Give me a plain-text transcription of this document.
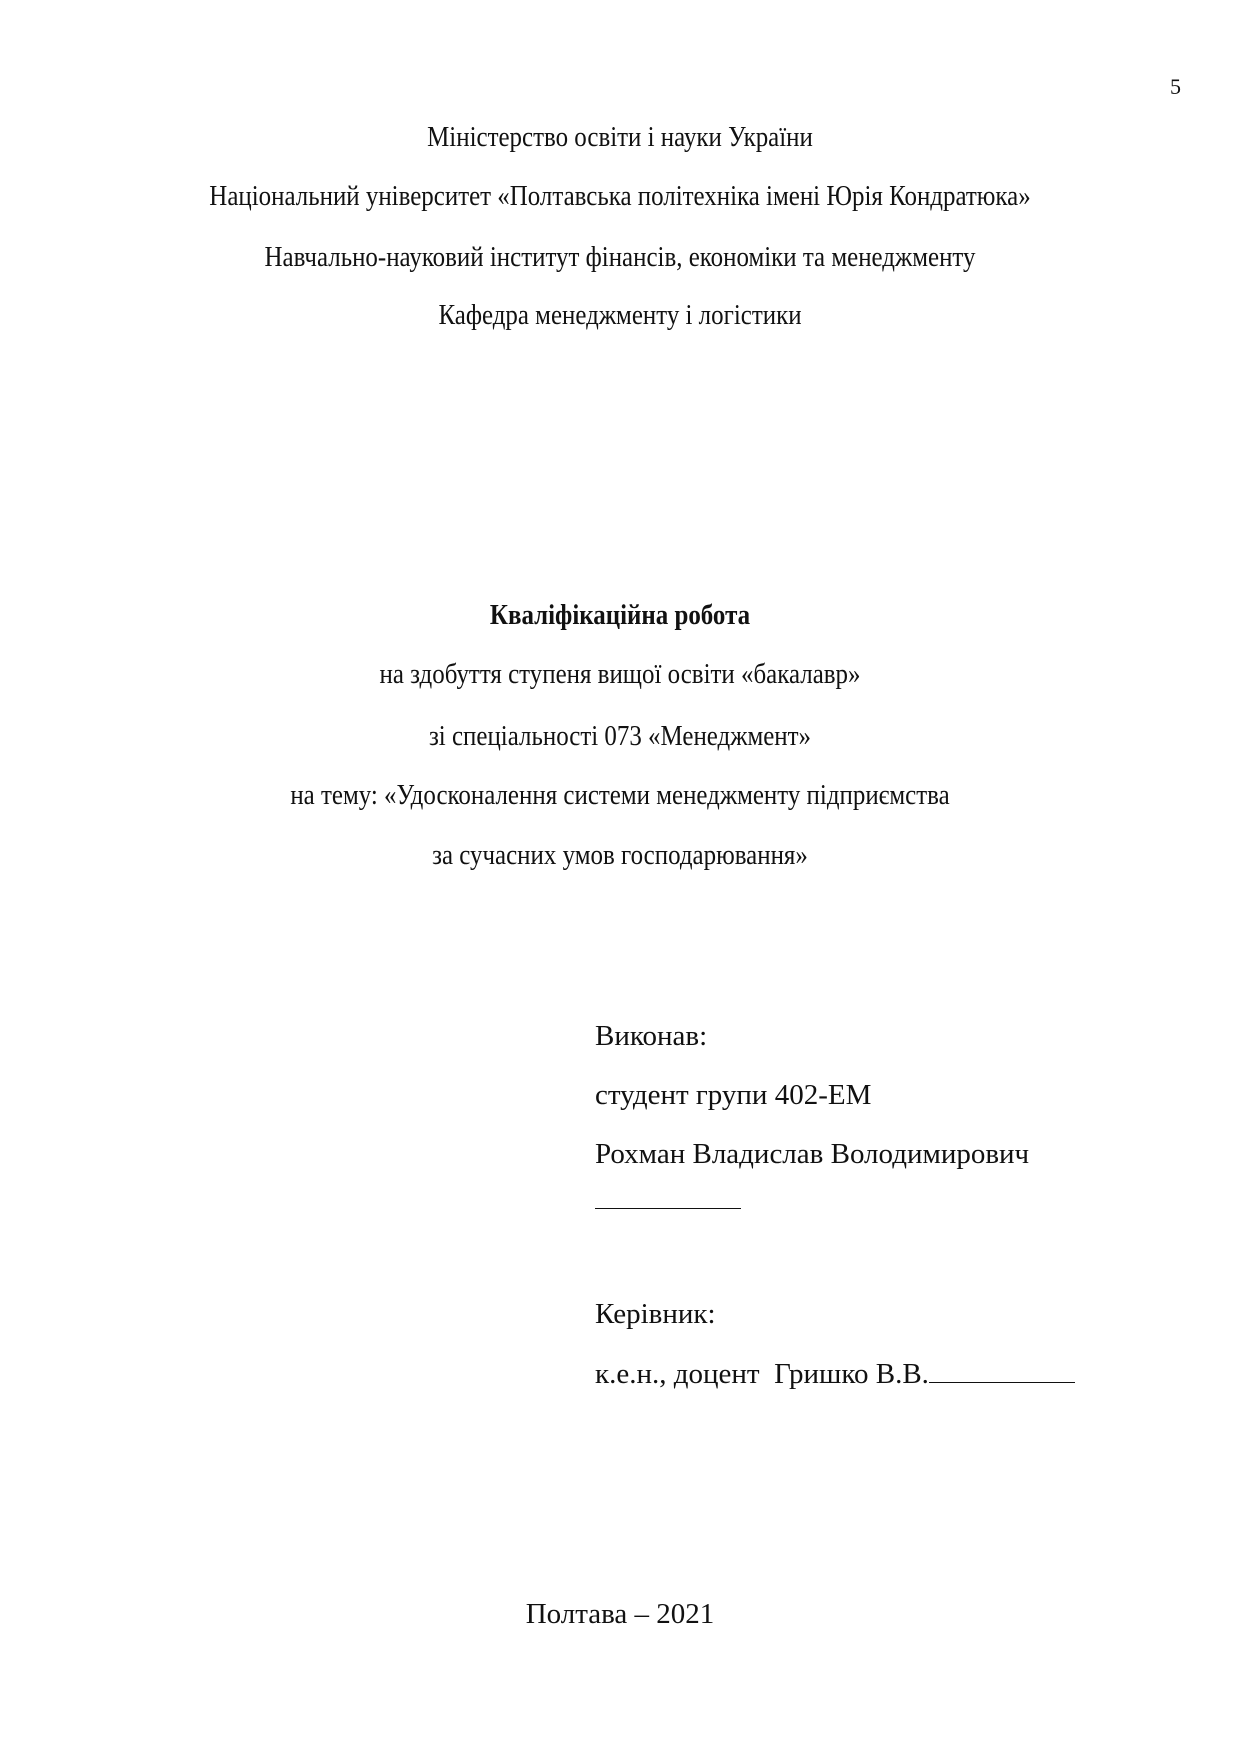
5
Міністерство освіти і науки України
Національний університет «Полтавська політехніка імені Юрія Кондратюка»
Навчально-науковий інститут фінансів, економіки та менеджменту
Кафедра менеджменту і логістики
Кваліфікаційна робота
на здобуття ступеня вищої освіти «бакалавр»
зі спеціальності 073 «Менеджмент»
на тему: «Удосконалення системи менеджменту підприємства
за сучасних умов господарювання»
Виконав:
студент групи 402-ЕМ
Рохман Владислав Володимирович
Керівник:
к.е.н., доцент  Гришко В.В.
Полтава – 2021
